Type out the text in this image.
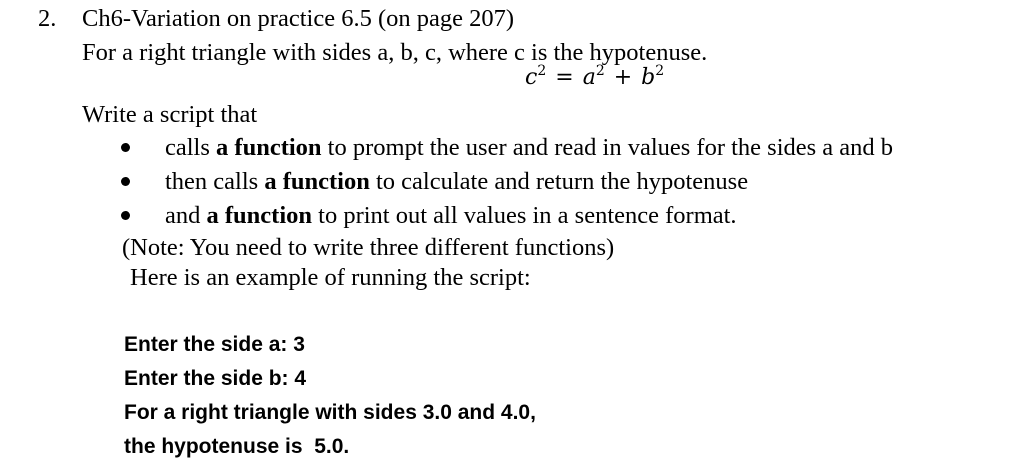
2. Ch6-Variation on practice 6.5 (on page 207)
For a right triangle with sides a, b, c, where c is the hypotenuse.
$c^2 = a^2 + b^2$
Write a script that
calls a function to prompt the user and read in values for the sides a and b
then calls a function to calculate and return the hypotenuse
and a function to print out all values in a sentence format.
(Note: You need to write three different functions)
Here is an example of running the script:
Enter the side a: 3
Enter the side b: 4
For a right triangle with sides 3.0 and 4.0,
the hypotenuse is  5.0.
